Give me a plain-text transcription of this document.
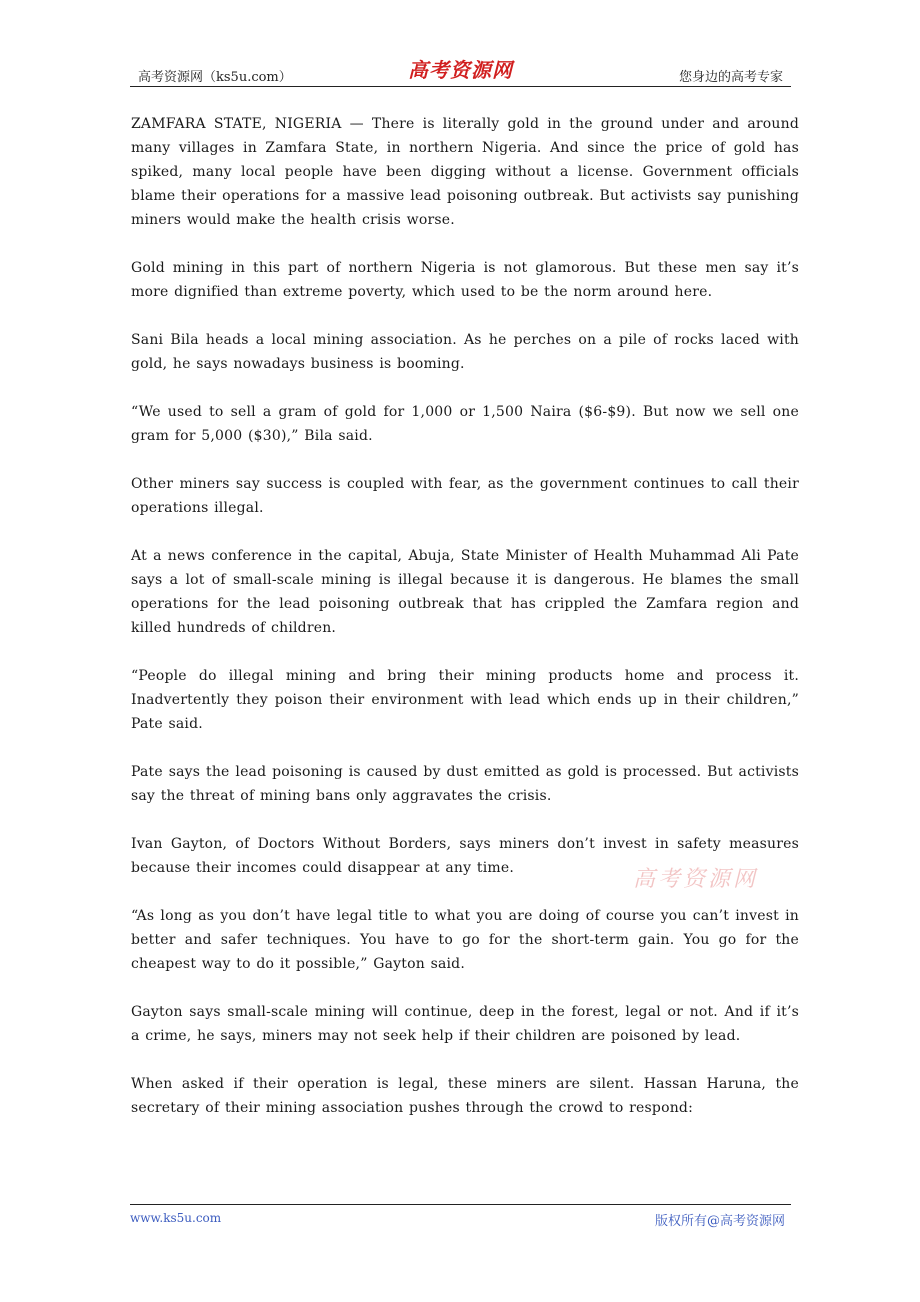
高考资源网（ks5u.com）	高考资源网	您身边的高考专家

ZAMFARA STATE, NIGERIA — There is literally gold in the ground under and around many villages in Zamfara State, in northern Nigeria. And since the price of gold has spiked, many local people have been digging without a license. Government officials blame their operations for a massive lead poisoning outbreak. But activists say punishing miners would make the health crisis worse.

Gold mining in this part of northern Nigeria is not glamorous. But these men say it’s more dignified than extreme poverty, which used to be the norm around here.

Sani Bila heads a local mining association. As he perches on a pile of rocks laced with gold, he says nowadays business is booming.

“We used to sell a gram of gold for 1,000 or 1,500 Naira ($6-$9). But now we sell one gram for 5,000 ($30),” Bila said.

Other miners say success is coupled with fear, as the government continues to call their operations illegal.

At a news conference in the capital, Abuja, State Minister of Health Muhammad Ali Pate says a lot of small-scale mining is illegal because it is dangerous. He blames the small operations for the lead poisoning outbreak that has crippled the Zamfara region and killed hundreds of children.

“People do illegal mining and bring their mining products home and process it. Inadvertently they poison their environment with lead which ends up in their children,” Pate said.

Pate says the lead poisoning is caused by dust emitted as gold is processed. But activists say the threat of mining bans only aggravates the crisis.

Ivan Gayton, of Doctors Without Borders, says miners don’t invest in safety measures because their incomes could disappear at any time.

“As long as you don’t have legal title to what you are doing of course you can’t invest in better and safer techniques. You have to go for the short-term gain. You go for the cheapest way to do it possible,” Gayton said.

Gayton says small-scale mining will continue, deep in the forest, legal or not. And if it’s a crime, he says, miners may not seek help if their children are poisoned by lead.

When asked if their operation is legal, these miners are silent. Hassan Haruna, the secretary of their mining association pushes through the crowd to respond:

高考资源网
www.ks5u.com	版权所有@高考资源网
